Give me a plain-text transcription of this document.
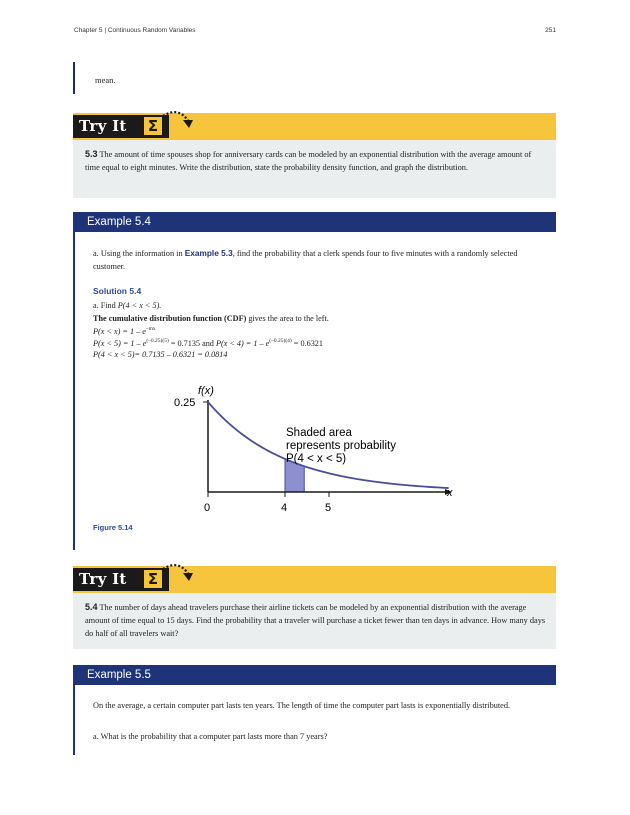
Chapter 5 | Continuous Random Variables	251
mean.
Try It	Σ
5.3 The amount of time spouses shop for anniversary cards can be modeled by an exponential distribution with the average amount of time equal to eight minutes. Write the distribution, state the probability density function, and graph the distribution.
Example 5.4
a. Using the information in Example 5.3, find the probability that a clerk spends four to five minutes with a randomly selected customer.
Solution 5.4
a. Find P(4 < x < 5).
The cumulative distribution function (CDF) gives the area to the left.
$P(x < x) = 1 - e^{-mx}$
$P(x < 5) = 1 - e^{(-0.25)(5)} = 0.7135$ and $P(x < 4) = 1 - e^{(-0.25)(4)} = 0.6321$
P(4 < x < 5)= 0.7135 – 0.6321 = 0.0814
f(x)
0.25
x
0	4	5
Shaded area
represents probability
P(4 < x < 5)
Figure 5.14
Try It	Σ
5.4 The number of days ahead travelers purchase their airline tickets can be modeled by an exponential distribution with the average amount of time equal to 15 days. Find the probability that a traveler will purchase a ticket fewer than ten days in advance. How many days do half of all travelers wait?
Example 5.5
On the average, a certain computer part lasts ten years. The length of time the computer part lasts is exponentially distributed.
a. What is the probability that a computer part lasts more than 7 years?
